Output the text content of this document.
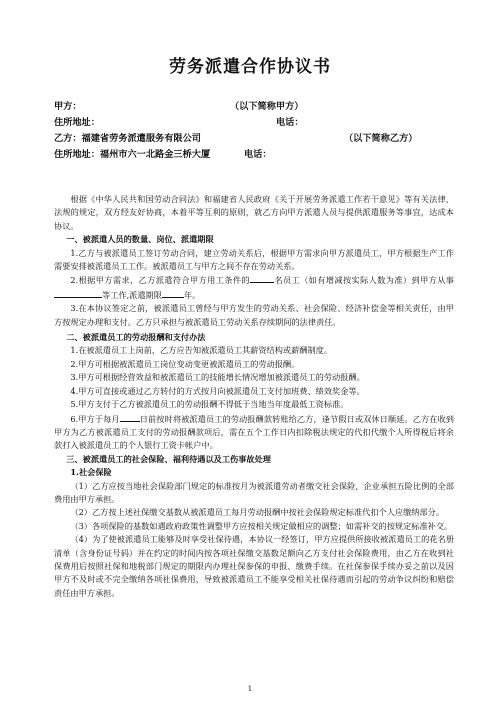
劳务派遣合作协议书
甲方：	（以下简称甲方）
住所地址：	电话：
乙方：福建省劳务派遣服务有限公司	（以下简称乙方）
住所地址：福州市六一北路金三桥大厦	电话：

根据《中华人民共和国劳动合同法》和福建省人民政府《关于开展劳务派遣工作若干意见》等有关法律、法规的规定，双方经友好协商，本着平等互利的原则，就乙方向甲方派遣人员与提供派遣服务等事宜，达成本协议。

一、被派遣人员的数量、岗位、派遣期限

1.乙方与被派遣员工签订劳动合同，建立劳动关系后，根据甲方需求向甲方派遣员工，甲方根据生产工作需要安排被派遣员工工作。被派遣员工与甲方之间不存在劳动关系。

2.根据甲方需求，乙方派遣符合甲方用工条件的	名员工（如有增减按实际人数为准）到甲方从事等工作,派遣期限	年。

3.在本协议签定之前，被派遣员工曾经与甲方发生的劳动关系、社会保险、经济补偿金等相关责任，由甲方按规定办理和支付。乙方只承担与被派遣员工劳动关系存续期间的法律责任。

二、被派遣员工的劳动报酬和支付办法

1.在被派遣员工上岗前，乙方应告知被派遣员工其薪资结构或薪酬制度。

2.甲方可根据被派遣员工岗位变动变更被派遣员工的劳动报酬。

3.甲方可根据经营效益和被派遣员工的技能增长情况增加被派遣员工的劳动报酬。

4.甲方可直接或通过乙方转付的方式按月向被派遣员工支付加班费、绩效奖金等。

5.甲方支付于乙方被派遣员工的劳动报酬不得低于当地当年度最低工资标准。

6.甲方于每月 日前按时将被派遣员工的劳动报酬款转账给乙方，逢节假日或双休日顺延。乙方在收到甲方为乙方被派遣员工支付的劳动报酬款项后，需在五个工作日内扣除税法规定的代扣代缴个人所得税后将余款打入被派遣员工的个人银行工资卡帐户中。

三、被派遣员工的社会保险、福利待遇以及工伤事故处理

1.社会保险

（1）乙方应按当地社会保险部门规定的标准按月为被派遣劳动者缴交社会保险，企业承担五险比例的全部费用由甲方承担。

（2）乙方按上述社保缴交基数从被派遣员工每月劳动报酬中按社会保险规定标准代扣个人应缴纳部分。

（3）各项保险的基数如遇政府政策性调整甲方应按相关规定做相应的调整；如需补交的按规定标准补交。

（4）为了使被派遣员工能够及时享受社保待遇，本协议一经签订，甲方应提供所接收被派遣员工的花名册清单（含身份证号码）并在约定的时间内按各项社保缴交基数足额向乙方支付社会保险费用，由乙方在收到社保费用后按照社保和地税部门规定的期限内办理社保参保的申报、缴费手续。在社保参保手续办妥之前以及因甲方不及时或不完全缴纳各项社保费用，导致被派遣员工不能享受相关社保待遇而引起的劳动争议纠纷和赔偿责任由甲方承担。

1
